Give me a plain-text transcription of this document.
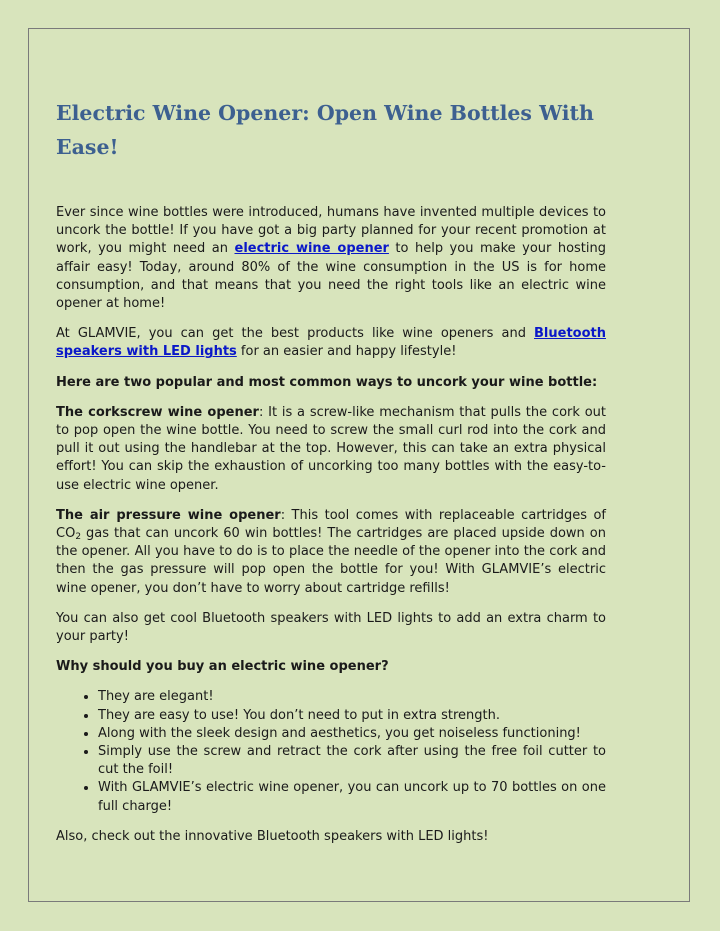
Electric Wine Opener: Open Wine Bottles With Ease!

Ever since wine bottles were introduced, humans have invented multiple devices to uncork the bottle! If you have got a big party planned for your recent promotion at work, you might need an electric wine opener to help you make your hosting affair easy! Today, around 80% of the wine consumption in the US is for home consumption, and that means that you need the right tools like an electric wine opener at home!

At GLAMVIE, you can get the best products like wine openers and Bluetooth speakers with LED lights for an easier and happy lifestyle!

Here are two popular and most common ways to uncork your wine bottle:

The corkscrew wine opener: It is a screw-like mechanism that pulls the cork out to pop open the wine bottle. You need to screw the small curl rod into the cork and pull it out using the handlebar at the top. However, this can take an extra physical effort! You can skip the exhaustion of uncorking too many bottles with the easy-to-use electric wine opener.

The air pressure wine opener: This tool comes with replaceable cartridges of $CO_2$ gas that can uncork 60 win bottles! The cartridges are placed upside down on the opener. All you have to do is to place the needle of the opener into the cork and then the gas pressure will pop open the bottle for you! With GLAMVIE’s electric wine opener, you don’t have to worry about cartridge refills!

You can also get cool Bluetooth speakers with LED lights to add an extra charm to your party!

Why should you buy an electric wine opener?

• They are elegant!
• They are easy to use! You don’t need to put in extra strength.
• Along with the sleek design and aesthetics, you get noiseless functioning!
• Simply use the screw and retract the cork after using the free foil cutter to cut the foil!
• With GLAMVIE’s electric wine opener, you can uncork up to 70 bottles on one full charge!

Also, check out the innovative Bluetooth speakers with LED lights!
